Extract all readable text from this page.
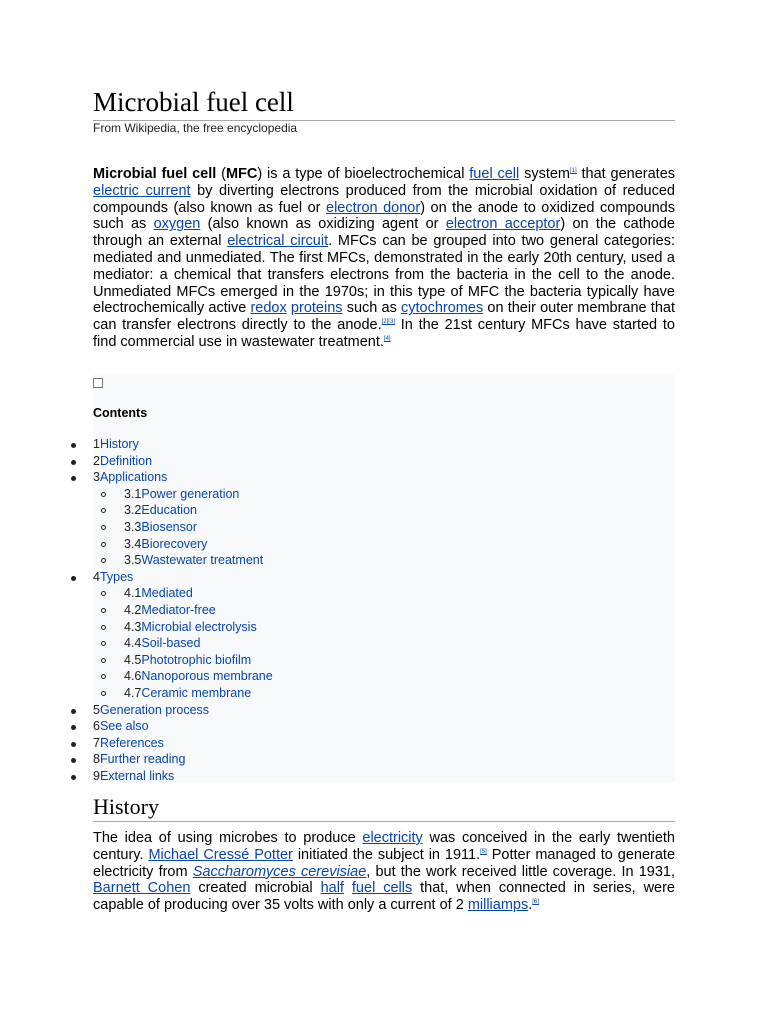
Microbial fuel cell
From Wikipedia, the free encyclopedia

Microbial fuel cell (MFC) is a type of bioelectrochemical fuel cell system[1] that generates electric current by diverting electrons produced from the microbial oxidation of reduced compounds (also known as fuel or electron donor) on the anode to oxidized compounds such as oxygen (also known as oxidizing agent or electron acceptor) on the cathode through an external electrical circuit. MFCs can be grouped into two general categories: mediated and unmediated. The first MFCs, demonstrated in the early 20th century, used a mediator: a chemical that transfers electrons from the bacteria in the cell to the anode. Unmediated MFCs emerged in the 1970s; in this type of MFC the bacteria typically have electrochemically active redox proteins such as cytochromes on their outer membrane that can transfer electrons directly to the anode.[2][3] In the 21st century MFCs have started to find commercial use in wastewater treatment.[4]

Contents
1History
2Definition
3Applications
3.1Power generation
3.2Education
3.3Biosensor
3.4Biorecovery
3.5Wastewater treatment
4Types
4.1Mediated
4.2Mediator-free
4.3Microbial electrolysis
4.4Soil-based
4.5Phototrophic biofilm
4.6Nanoporous membrane
4.7Ceramic membrane
5Generation process
6See also
7References
8Further reading
9External links
History

The idea of using microbes to produce electricity was conceived in the early twentieth century. Michael Cressé Potter initiated the subject in 1911.[5] Potter managed to generate electricity from Saccharomyces cerevisiae, but the work received little coverage. In 1931, Barnett Cohen created microbial half fuel cells that, when connected in series, were capable of producing over 35 volts with only a current of 2 milliamps.[6]
